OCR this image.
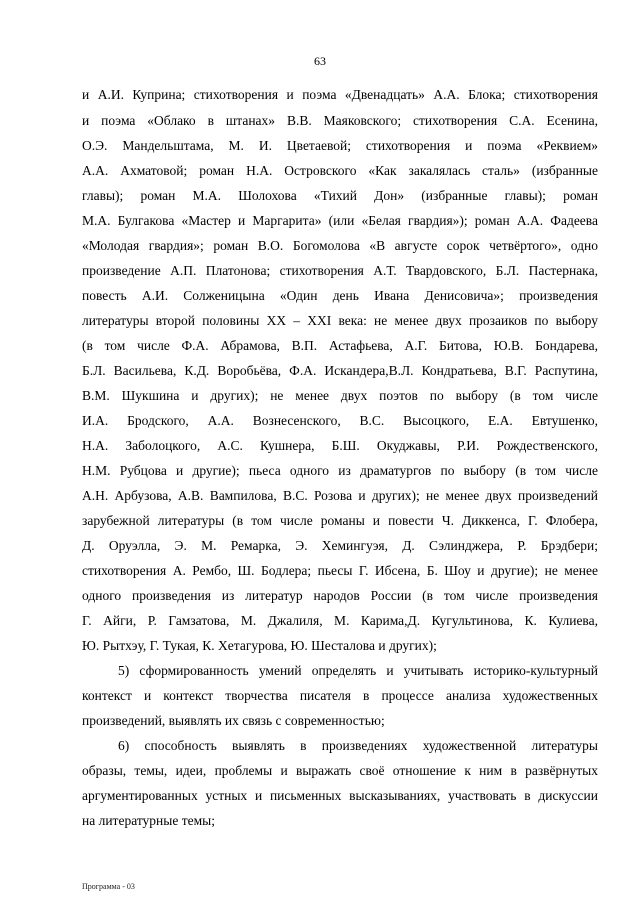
63
и А.И. Куприна; стихотворения и поэма «Двенадцать» А.А. Блока; стихотворения
и поэма «Облако в штанах» В.В. Маяковского; стихотворения С.А. Есенина,
О.Э. Мандельштама, М. И. Цветаевой; стихотворения и поэма «Реквием»
А.А. Ахматовой; роман Н.А. Островского «Как закалялась сталь» (избранные
главы); роман М.А. Шолохова «Тихий Дон» (избранные главы); роман
М.А. Булгакова «Мастер и Маргарита» (или «Белая гвардия»); роман А.А. Фадеева
«Молодая гвардия»; роман В.О. Богомолова «В августе сорок четвёртого», одно
произведение А.П. Платонова; стихотворения А.Т. Твардовского, Б.Л. Пастернака,
повесть А.И. Солженицына «Один день Ивана Денисовича»; произведения
литературы второй половины XX – XXI века: не менее двух прозаиков по выбору
(в том числе Ф.А. Абрамова, В.П. Астафьева, А.Г. Битова, Ю.В. Бондарева,
Б.Л. Васильева, К.Д. Воробьёва, Ф.А. Искандера,В.Л. Кондратьева, В.Г. Распутина,
В.М. Шукшина и других); не менее двух поэтов по выбору (в том числе
И.А. Бродского, А.А. Вознесенского, В.С. Высоцкого, Е.А. Евтушенко,
Н.А. Заболоцкого, А.С. Кушнера, Б.Ш. Окуджавы, Р.И. Рождественского,
Н.М. Рубцова и другие); пьеса одного из драматургов по выбору (в том числе
А.Н. Арбузова, А.В. Вампилова, В.С. Розова и других); не менее двух произведений
зарубежной литературы (в том числе романы и повести Ч. Диккенса, Г. Флобера,
Д. Оруэлла, Э. М. Ремарка, Э. Хемингуэя, Д. Сэлинджера, Р. Брэдбери;
стихотворения А. Рембо, Ш. Бодлера; пьесы Г. Ибсена, Б. Шоу и другие); не менее
одного произведения из литератур народов России (в том числе произведения
Г. Айги, Р. Гамзатова, М. Джалиля, М. Карима,Д. Кугультинова, К. Кулиева,
Ю. Рытхэу, Г. Тукая, К. Хетагурова, Ю. Шесталова и других);
5) сформированность умений определять и учитывать историко-культурный
контекст и контекст творчества писателя в процессе анализа художественных
произведений, выявлять их связь с современностью;
6) способность выявлять в произведениях художественной литературы
образы, темы, идеи, проблемы и выражать своё отношение к ним в развёрнутых
аргументированных устных и письменных высказываниях, участвовать в дискуссии
на литературные темы;
Программа - 03
